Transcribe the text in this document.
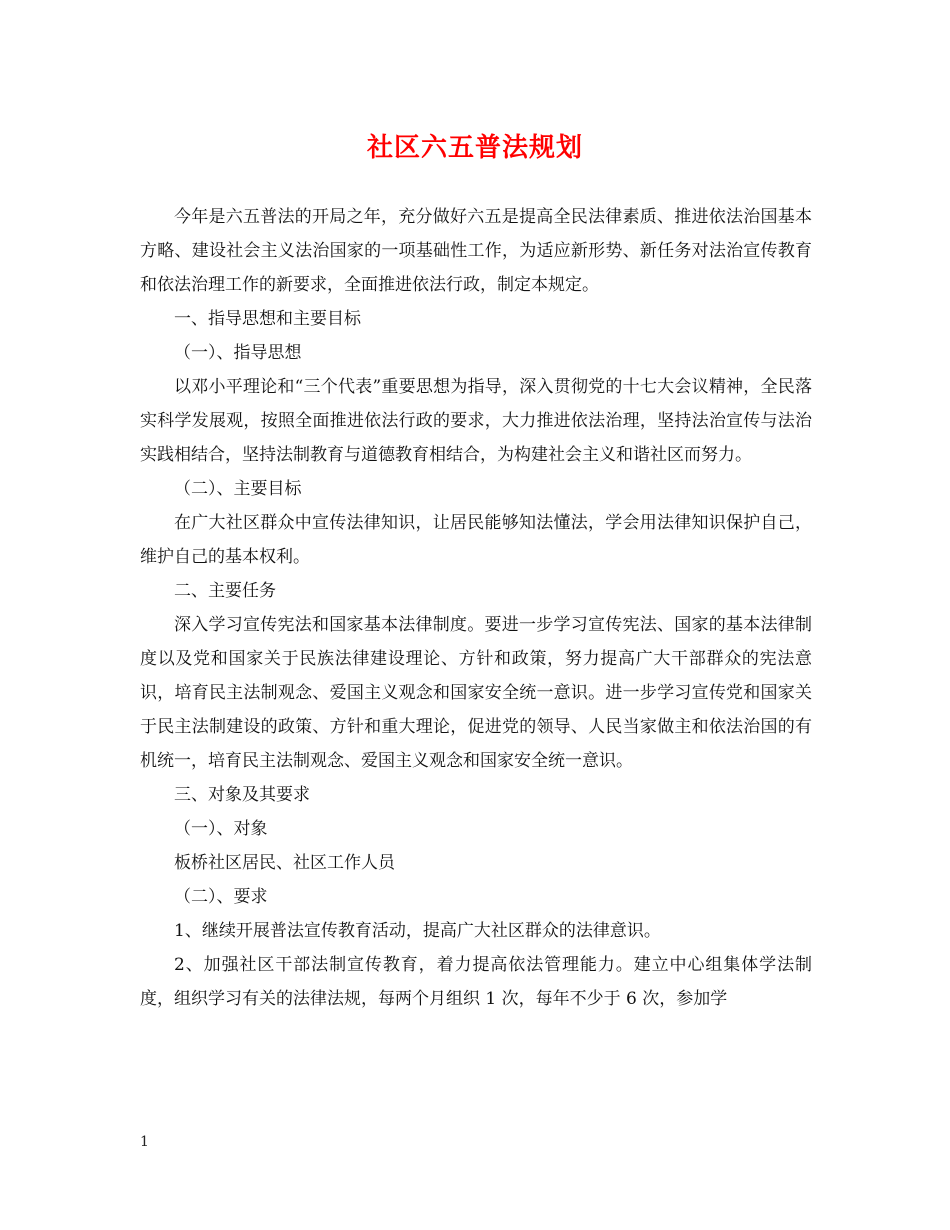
社区六五普法规划

今年是六五普法的开局之年，充分做好六五是提高全民法律素质、推进依法治国基本方略、建设社会主义法治国家的一项基础性工作，为适应新形势、新任务对法治宣传教育和依法治理工作的新要求，全面推进依法行政，制定本规定。

一、指导思想和主要目标

（一）、指导思想

以邓小平理论和“三个代表”重要思想为指导，深入贯彻党的十七大会议精神，全民落实科学发展观，按照全面推进依法行政的要求，大力推进依法治理，坚持法治宣传与法治实践相结合，坚持法制教育与道德教育相结合，为构建社会主义和谐社区而努力。

（二）、主要目标

在广大社区群众中宣传法律知识，让居民能够知法懂法，学会用法律知识保护自己，维护自己的基本权利。

二、主要任务

深入学习宣传宪法和国家基本法律制度。要进一步学习宣传宪法、国家的基本法律制度以及党和国家关于民族法律建设理论、方针和政策，努力提高广大干部群众的宪法意识，培育民主法制观念、爱国主义观念和国家安全统一意识。进一步学习宣传党和国家关于民主法制建设的政策、方针和重大理论，促进党的领导、人民当家做主和依法治国的有机统一，培育民主法制观念、爱国主义观念和国家安全统一意识。

三、对象及其要求

（一）、对象

板桥社区居民、社区工作人员

（二）、要求

1、继续开展普法宣传教育活动，提高广大社区群众的法律意识。

2、加强社区干部法制宣传教育，着力提高依法管理能力。建立中心组集体学法制度，组织学习有关的法律法规，每两个月组织 1 次，每年不少于 6 次，参加学

1
